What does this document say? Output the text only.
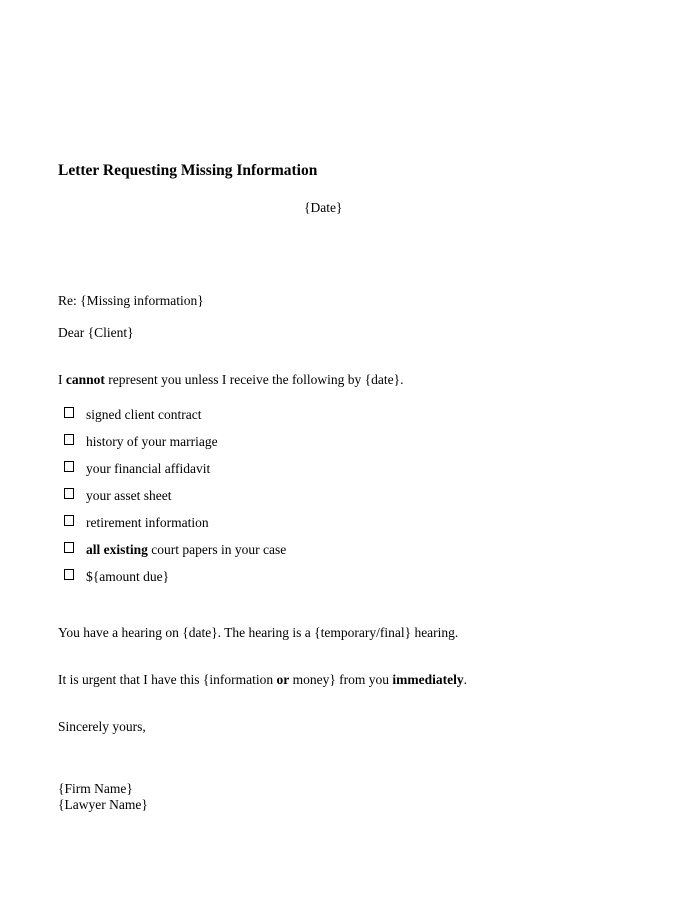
Letter Requesting Missing Information
{Date}
Re: {Missing information}
Dear {Client}
I cannot represent you unless I receive the following by {date}.
signed client contract
history of your marriage
your financial affidavit
your asset sheet
retirement information
all existing court papers in your case
${amount due}
You have a hearing on {date}. The hearing is a {temporary/final} hearing.
It is urgent that I have this {information or money} from you immediately.
Sincerely yours,
{Firm Name}
{Lawyer Name}
